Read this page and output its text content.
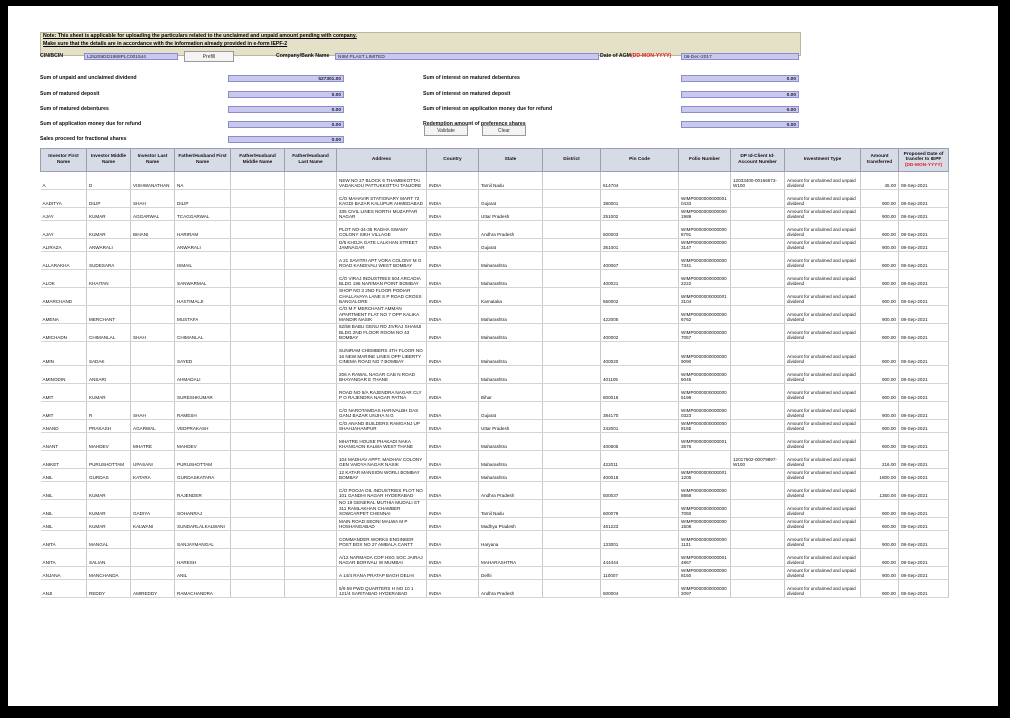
Note: This sheet is applicable for uploading the particulars related to the unclaimed and unpaid amount pending with company.
Make sure that the details are in accordance with the information already provided in e-form IEPF-2
CIN/BCIN	L25209DD1988PLC001544	Prefill	Company/Bank Name	NIIM PLAST LIMITED	Date of AGM(DD-MON-YYYY)	08-Dec-2017
Validate	Clear
Investor First Name	Investor Middle Name	Investor Last Name	Father/Husband First Name	Father/Husband Middle Name	Father/Husband Last Name	Address	Country	State	District	Pin Code	Folio Number	DP Id-Client Id-Account Number	Investment Type	Amount transferred	Proposed Date of transfer to IEPF
(DD-MON-YYYY)
A	D	VISHWANATHAN	NA			NEW NO 27 BLOCK 6 THAMBIKOTTAI VADAKADU PATTUKKOTTAI TANJORE	INDIA	Tamil Nadu		614704		12033400-00166673-W100	Amount for unclaimed and unpaid dividend	45.00	08-Sep-2021
AADITYA	DILIP	SHAH	DILIP			C/O MAHAVIR STATIONARY MART 72 KAGDI BAZAR KALUPUR AHMEDABAD	INDIA	Gujarat		380001	WIMP0000000000001 0433		Amount for unclaimed and unpaid dividend	900.00	08-Sep-2021
AJAY	KUMAR	AGGARWAL	TCAGGARWAL			335 CIVIL LINES NORTH MUZAFFAR NAGAR	INDIA	Uttar Pradesh		251002	WIMP0000000000000 1989		Amount for unclaimed and unpaid dividend	900.00	08-Sep-2021
AJAY	KUMAR	BIHANI	HARIRAM			PLOT NO-34-35 RADHA SWAMY COLONY SIKH VILLAGE	INDIA	Andhra Pradesh		500003	WIMP0000000000000 8791		Amount for unclaimed and unpaid dividend	900.00	08-Sep-2021
ALIRAZA	ANWARALI		ANWARALI			D/5 KHOJA GATE LALKHAN STREET JAMNAGAR	INDIA	Gujarat		361001	WIMP0000000000000 3147		Amount for unclaimed and unpaid dividend	900.00	08-Sep-2021
ALLARAKHA	SUDESARA		ISMAIL			A 21 SAVITRI APT VORA COLONY M G ROAD KANDIVALI WEST BOMBAY	INDIA	Maharashtra		400067	WIMP0000000000000 7341		Amount for unclaimed and unpaid dividend	900.00	08-Sep-2021
ALOK	KHAITAN		SANWARMAL			C/O VIRAJ INDUSTRIES 504 ARCADIA BLDG 195 NARIMAN POINT BOMBAY	INDIA	Maharashtra		400021	WIMP0000000000000 2222		Amount for unclaimed and unpaid dividend	900.00	08-Sep-2021
AMARCHAND			HASTIMALJI			SHOP NO 3 2ND FLOOR PODIAR CHALLAVAYA LANE S P ROAD CROSS BANGALORE	INDIA	Karnataka		560002	WIMP0000000000001 3104		Amount for unclaimed and unpaid dividend	900.00	08-Sep-2021
AMENA	MERCHANT		MUSTAFA			C/O M F MERCHANT AMMAN APARTMENT FLAT NO 7 OPP KALIKA MANDIR NASIK	INDIA	Maharashtra		422005	WIMP0000000000000 6762		Amount for unclaimed and unpaid dividend	900.00	08-Sep-2021
AMICHADN	CHIMANLAL	SHAH	CHIMANLAL			52/58 BABU GENU RD JIVRAJ SHAMJI BLDG 2ND FLOOR ROOM NO 43 BOMBAY	INDIA	Maharashtra		400002	WIMP0000000000000 7057		Amount for unclaimed and unpaid dividend	900.00	08-Sep-2021
AMIN	SADAK		SAYED			SUNIRAM CHEMBERS 4TH FLOOR NO 16 NEW MARINE LINES OPP LIBERTY CINEMA ROAD NO 7 BOMBAY	INDIA	Maharashtra		400020	WIMP0000000000000 9090		Amount for unclaimed and unpaid dividend	900.00	08-Sep-2021
AMINODIN	ANSARI		AHMADALI			206 A RAWAL NAGAR CAB N ROAD BHAYANDAR E THANE	INDIA	Maharashtra		401105	WIMP0000000000000 6045		Amount for unclaimed and unpaid dividend	900.00	08-Sep-2021
AMIT	KUMAR		SURESHKUMAR			ROAD NO 5/A RAJENDRA NAGAR CLY P O RAJENDRA NAGAR PATNA	INDIA	Bihar		800016	WIMP0000000000000 5198		Amount for unclaimed and unpaid dividend	900.00	08-Sep-2021
AMIT	R	SHAH	RAMESH			C/O NAROTAMDAS HARIVALBH DAS GANJ BAZAR UNJHA N G	INDIA	Gujarat		384170	WIMP0000000000000 0323		Amount for unclaimed and unpaid dividend	900.00	08-Sep-2021
ANAND	PRAKASH	AGARWAL	VEDPRAKASH			C/O ANAND BUILDERS RAMGANJ UP SHAHJAHANPUR	INDIA	Uttar Pradesh		242001	WIMP0000000000000 8155		Amount for unclaimed and unpaid dividend	900.00	08-Sep-2021
ANANT	MAHDEV	MHATRE	MAHDEV			MHATRE HOUSE PHAKADI NAKA KHANGAON KALWA WEST THANE	INDIA	Maharashtra		400605	WIMP0000000000001 3576		Amount for unclaimed and unpaid dividend	900.00	08-Sep-2021
ANIKET	PURUSHOTTAM	UPASANI	PURUSHOTTAM			104 MADHAV APPT. MADHAV COLONY GEN VAIDYA NAGAR NASIK	INDIA	Maharashtra		422011		12017502-00079897-W100	Amount for unclaimed and unpaid dividend	216.00	08-Sep-2021
ANIL	GURDAS	KATARA	GURDASKATARA			12 KATAR MANSION WORLI BOMBAY BOMBAY	INDIA	Maharashtra		400018	WIMP0000000000001 1205		Amount for unclaimed and unpaid dividend	1800.00	08-Sep-2021
ANIL	KUMAR		RAJENDER			C/O POOJA OIL INDUSTRIES PLOT NO 101 GANDHI NAGAR HYDERABAD	INDIA	Andhra Pradesh		500037	WIMP0000000000000 8868		Amount for unclaimed and unpaid dividend	1350.00	08-Sep-2021
ANIL	KUMAR	GADIYA	SOHANRAJ			NO 19 GENERAL MUTHIA MUDALI ST 311 RAMLAKHAN CHAMBER SOWCARPET CHENNAI	INDIA	Tamil Nadu		600079	WIMP0000000000000 7050		Amount for unclaimed and unpaid dividend	900.00	08-Sep-2021
ANIL	KUMAR	KALWANI	SUNDARLALKALWANI			MAIN ROAD SEONI MALWA M P HOSHANGABAD	INDIA	Madhya Pradesh		461223	WIMP0000000000000 1508		Amount for unclaimed and unpaid dividend	900.00	08-Sep-2021
ANITA	MANGAL		SANJAYMANGAL			COMMANDER WORKS ENGINEER POST BOX NO 27 AMBALA CANTT	INDIA	Haryana		133001	WIMP0000000000000 1131		Amount for unclaimed and unpaid dividend	900.00	08-Sep-2021
ANITA	SALIAN		HARESH			A/12 NARMADA COP HSG SOC JAIRAJ NAGAR BORIVALI W MUMBAI	INDIA	MAHARASHTRA		444444	WIMP0000000000001 4867		Amount for unclaimed and unpaid dividend	900.00	08-Sep-2021
ANJANA	MANCHANDA		ANIL			A 14/4 RANA PRATAP BAGH DELHI	INDIA	Delhi		110007	WIMP0000000000000 8150		Amount for unclaimed and unpaid dividend	900.00	08-Sep-2021
ANJI	REDDY	AMIREDDY	RAMACHANDRA			5/9 59 PWD QUARTERS H NO 10 1 121/4 SARITABAD HYDERABAD	INDIA	Andhra Pradesh		500004	WIMP0000000000000 2097		Amount for unclaimed and unpaid dividend	900.00	08-Sep-2021
Sum of unpaid and unclaimed dividend	527301.00
Sum of matured deposit	0.00
Sum of matured debentures	0.00
Sum of application money due for refund	0.00
Sales proceed for fractional shares	0.00
Sum of interest on matured debentures	0.00
Sum of interest on matured deposit	0.00
Sum of interest on application money due for refund	0.00
Redemption amount of preference shares	0.00
